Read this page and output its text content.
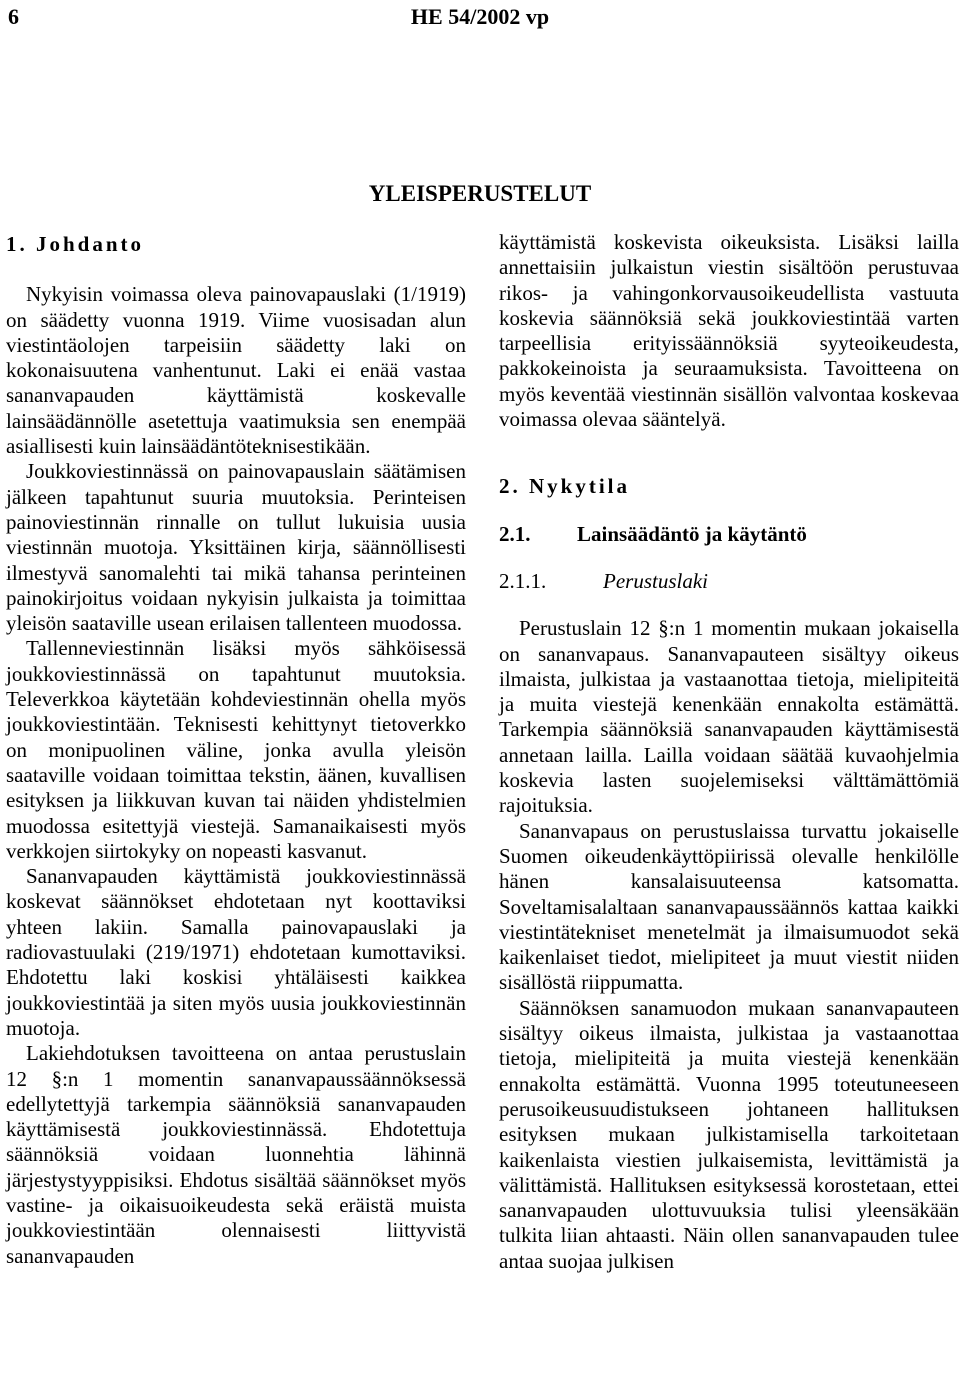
6	HE 54/2002 vp
YLEISPERUSTELUT

1. Johdanto

Nykyisin voimassa oleva painovapauslaki (1/1919) on säädetty vuonna 1919. Viime vuosisadan alun viestintäolojen tarpeisiin säädetty laki on kokonaisuutena vanhentunut. Laki ei enää vastaa sananvapauden käyttämistä koskevalle lainsäädännölle asetettuja vaatimuksia sen enempää asiallisesti kuin lainsäädäntöteknisestikään.

Joukkoviestinnässä on painovapauslain säätämisen jälkeen tapahtunut suuria muutoksia. Perinteisen painoviestinnän rinnalle on tullut lukuisia uusia viestinnän muotoja. Yksittäinen kirja, säännöllisesti ilmestyvä sanomalehti tai mikä tahansa perinteinen painokirjoitus voidaan nykyisin julkaista ja toimittaa yleisön saataville usean erilaisen tallenteen muodossa.

Tallenneviestinnän lisäksi myös sähköisessä joukkoviestinnässä on tapahtunut muutoksia. Televerkkoa käytetään kohdeviestinnän ohella myös joukkoviestintään. Teknisesti kehittynyt tietoverkko on monipuolinen väline, jonka avulla yleisön saataville voidaan toimittaa tekstin, äänen, kuvallisen esityksen ja liikkuvan kuvan tai näiden yhdistelmien muodossa esitettyjä viestejä. Samanaikaisesti myös verkkojen siirtokyky on nopeasti kasvanut.

Sananvapauden käyttämistä joukkoviestinnässä koskevat säännökset ehdotetaan nyt koottaviksi yhteen lakiin. Samalla painovapauslaki ja radiovastuulaki (219/1971) ehdotetaan kumottaviksi. Ehdotettu laki koskisi yhtäläisesti kaikkea joukkoviestintää ja siten myös uusia joukkoviestinnän muotoja.

Lakiehdotuksen tavoitteena on antaa perustuslain 12 §:n 1 momentin sananvapaussäännöksessä edellytettyjä tarkempia säännöksiä sananvapauden käyttämisestä joukkoviestinnässä. Ehdotettuja säännöksiä voidaan luonnehtia lähinnä järjestystyyppisiksi. Ehdotus sisältää säännökset myös vastine- ja oikaisuoikeudesta sekä eräistä muista joukkoviestintään olennaisesti liittyvistä sananvapauden

käyttämistä koskevista oikeuksista. Lisäksi lailla annettaisiin julkaistun viestin sisältöön perustuvaa rikos- ja vahingonkorvausoikeudellista vastuuta koskevia säännöksiä sekä joukkoviestintää varten tarpeellisia erityissäännöksiä syyteoikeudesta, pakkokeinoista ja seuraamuksista. Tavoitteena on myös keventää viestinnän sisällön valvontaa koskevaa voimassa olevaa sääntelyä.

2. Nykytila

2.1. Lainsäädäntö ja käytäntö

2.1.1.	Perustuslaki

Perustuslain 12 §:n 1 momentin mukaan jokaisella on sananvapaus. Sananvapauteen sisältyy oikeus ilmaista, julkistaa ja vastaanottaa tietoja, mielipiteitä ja muita viestejä kenenkään ennakolta estämättä. Tarkempia säännöksiä sananvapauden käyttämisestä annetaan lailla. Lailla voidaan säätää kuvaohjelmia koskevia lasten suojelemiseksi välttämättömiä rajoituksia.

Sananvapaus on perustuslaissa turvattu jokaiselle Suomen oikeudenkäyttöpiirissä olevalle henkilölle hänen kansalaisuuteensa katsomatta. Soveltamisalaltaan sananvapaussäännös kattaa kaikki viestintätekniset menetelmät ja ilmaisumuodot sekä kaikenlaiset tiedot, mielipiteet ja muut viestit niiden sisällöstä riippumatta.

Säännöksen sanamuodon mukaan sananvapauteen sisältyy oikeus ilmaista, julkistaa ja vastaanottaa tietoja, mielipiteitä ja muita viestejä kenenkään ennakolta estämättä. Vuonna 1995 toteutuneeseen perusoikeusuudistukseen johtaneen hallituksen esityksen mukaan julkistamisella tarkoitetaan kaikenlaista viestien julkaisemista, levittämistä ja välittämistä. Hallituksen esityksessä korostetaan, ettei sananvapauden ulottuvuuksia tulisi yleensäkään tulkita liian ahtaasti. Näin ollen sananvapauden tulee antaa suojaa julkisen
